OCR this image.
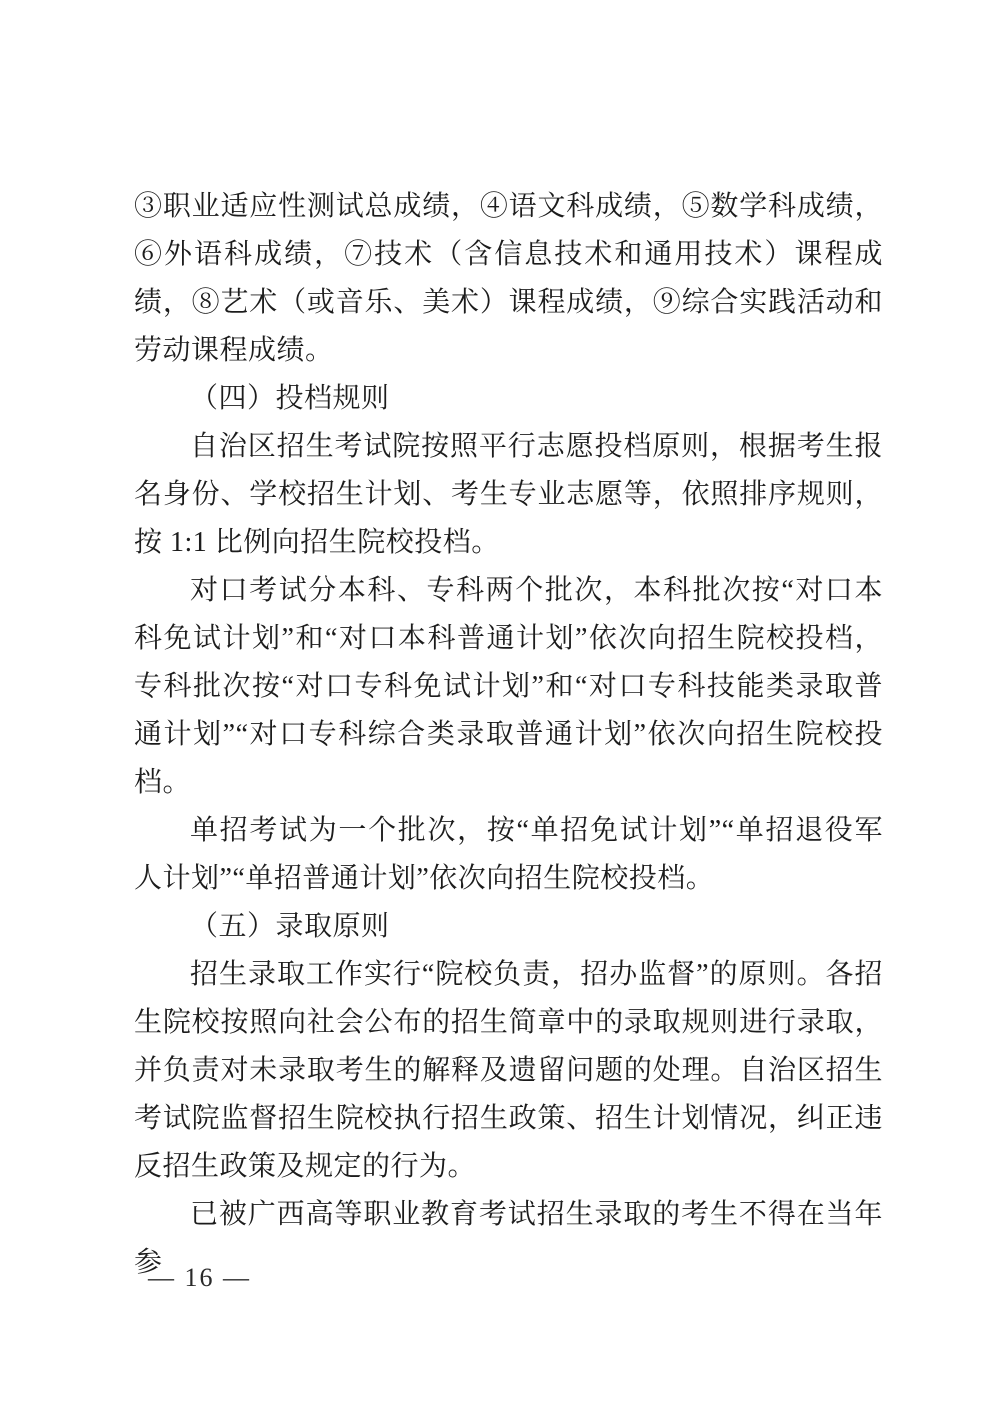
③职业适应性测试总成绩，④语文科成绩，⑤数学科成绩，⑥外语科成绩，⑦技术（含信息技术和通用技术）课程成绩，⑧艺术（或音乐、美术）课程成绩，⑨综合实践活动和劳动课程成绩。

（四）投档规则

自治区招生考试院按照平行志愿投档原则，根据考生报名身份、学校招生计划、考生专业志愿等，依照排序规则，按 1:1 比例向招生院校投档。

对口考试分本科、专科两个批次，本科批次按“对口本科免试计划”和“对口本科普通计划”依次向招生院校投档，专科批次按“对口专科免试计划”和“对口专科技能类录取普通计划”“对口专科综合类录取普通计划”依次向招生院校投档。

单招考试为一个批次，按“单招免试计划”“单招退役军人计划”“单招普通计划”依次向招生院校投档。

（五）录取原则

招生录取工作实行“院校负责，招办监督”的原则。各招生院校按照向社会公布的招生简章中的录取规则进行录取，并负责对未录取考生的解释及遗留问题的处理。自治区招生考试院监督招生院校执行招生政策、招生计划情况，纠正违反招生政策及规定的行为。

已被广西高等职业教育考试招生录取的考生不得在当年参

— 16 —
